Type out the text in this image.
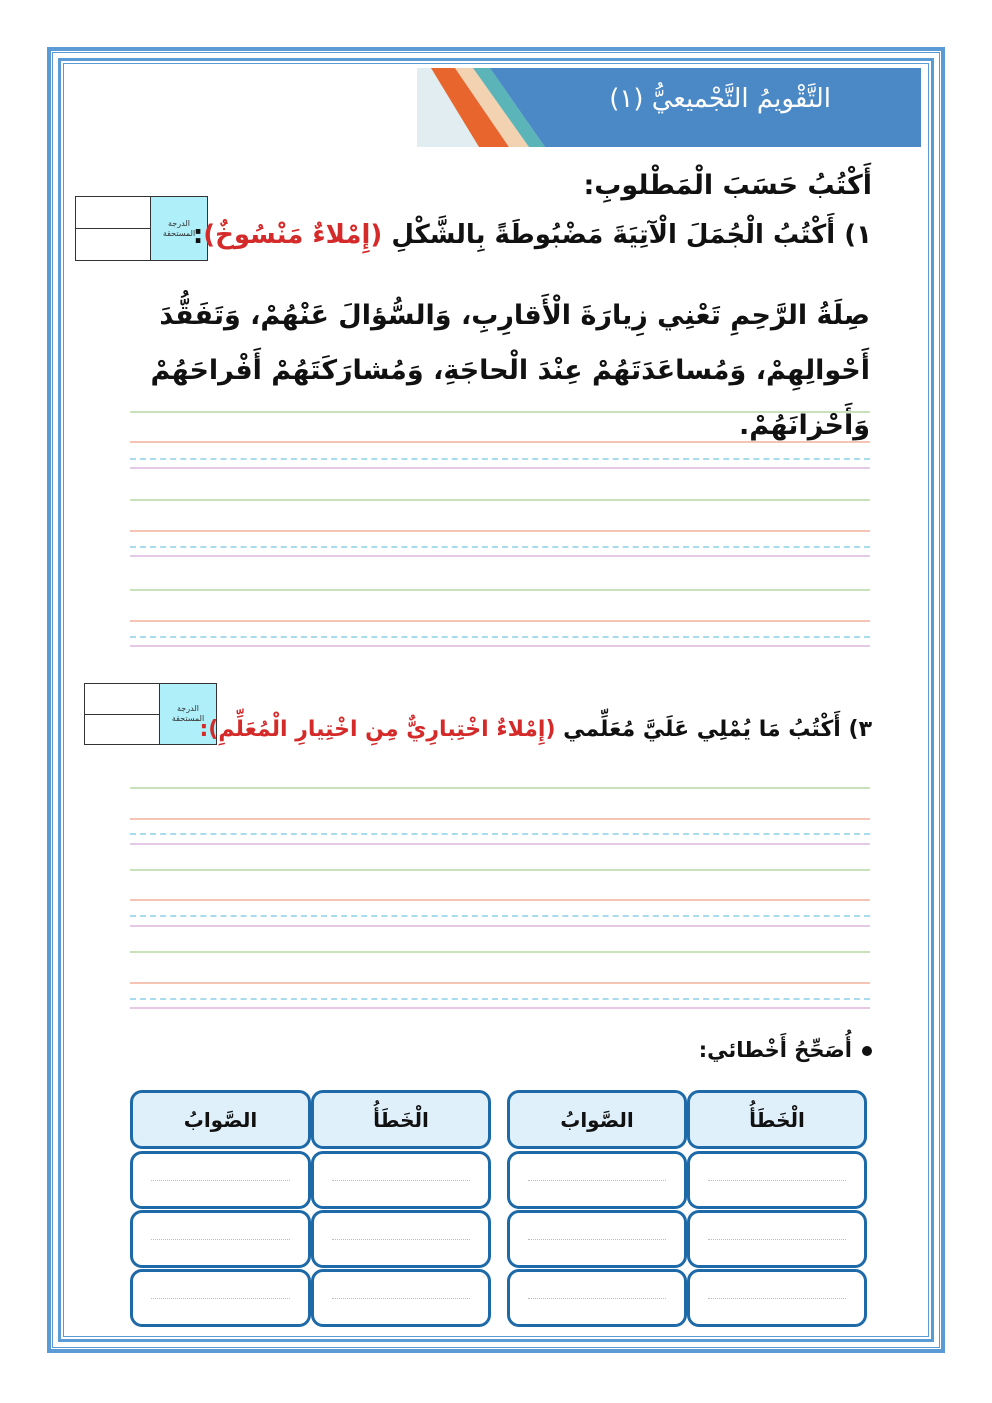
التَّقْويمُ التَّجْميعيُّ (١)
أَكْتُبُ حَسَبَ الْمَطْلوبِ:
الدرجة
المستحقة	١) أَكْتُبُ الْجُمَلَ الْآتِيَةَ مَضْبُوطَةً بِالشَّكْلِ (إِمْلاءٌ مَنْسُوخٌ):
صِلَةُ الرَّحِمِ تَعْنِي زِيارَةَ الْأَقارِبِ، وَالسُّؤالَ عَنْهُمْ، وَتَفَقُّدَ أَحْوالِهِمْ، وَمُساعَدَتَهُمْ عِنْدَ الْحاجَةِ، وَمُشارَكَتَهُمْ أَفْراحَهُمْ وَأَحْزانَهُمْ.
الدرجة
المستحقة	٣) أَكْتُبُ مَا يُمْلِي عَلَيَّ مُعَلِّمي (إِمْلاءٌ اخْتِبارِيٌّ مِنِ اخْتِيارِ الْمُعَلِّمِ):
أُصَحِّحُ أَخْطائي:
الْخَطَأُ
الصَّوابُ
الْخَطَأُ
الصَّوابُ
